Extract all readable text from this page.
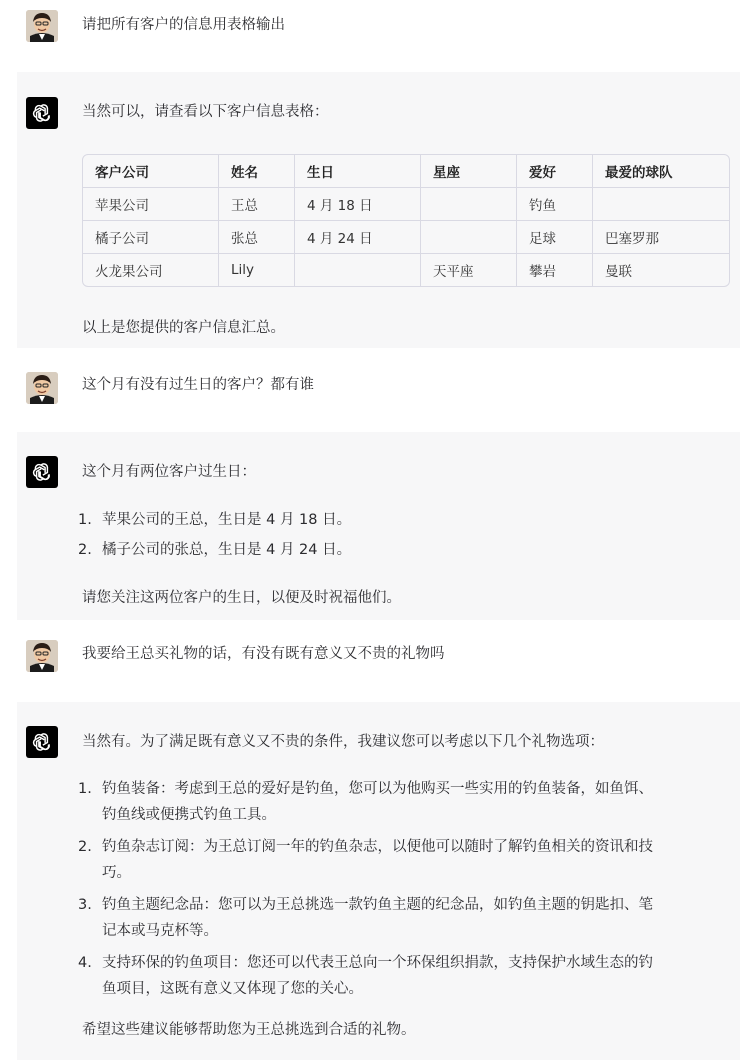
请把所有客户的信息用表格输出
当然可以，请查看以下客户信息表格：
客户公司	姓名	生日	星座	爱好	最爱的球队
苹果公司	王总	4 月 18 日		钓鱼	
橘子公司	张总	4 月 24 日		足球	巴塞罗那
火龙果公司	Lily		天平座	攀岩	曼联
以上是您提供的客户信息汇总。
这个月有没有过生日的客户？都有谁
这个月有两位客户过生日：
1. 苹果公司的王总，生日是 4 月 18 日。
2. 橘子公司的张总，生日是 4 月 24 日。
请您关注这两位客户的生日，以便及时祝福他们。
我要给王总买礼物的话，有没有既有意义又不贵的礼物吗
当然有。为了满足既有意义又不贵的条件，我建议您可以考虑以下几个礼物选项：
1. 钓鱼装备：考虑到王总的爱好是钓鱼，您可以为他购买一些实用的钓鱼装备，如鱼饵、
钓鱼线或便携式钓鱼工具。
2. 钓鱼杂志订阅：为王总订阅一年的钓鱼杂志，以便他可以随时了解钓鱼相关的资讯和技
巧。
3. 钓鱼主题纪念品：您可以为王总挑选一款钓鱼主题的纪念品，如钓鱼主题的钥匙扣、笔
记本或马克杯等。
4. 支持环保的钓鱼项目：您还可以代表王总向一个环保组织捐款，支持保护水域生态的钓
鱼项目，这既有意义又体现了您的关心。
希望这些建议能够帮助您为王总挑选到合适的礼物。
